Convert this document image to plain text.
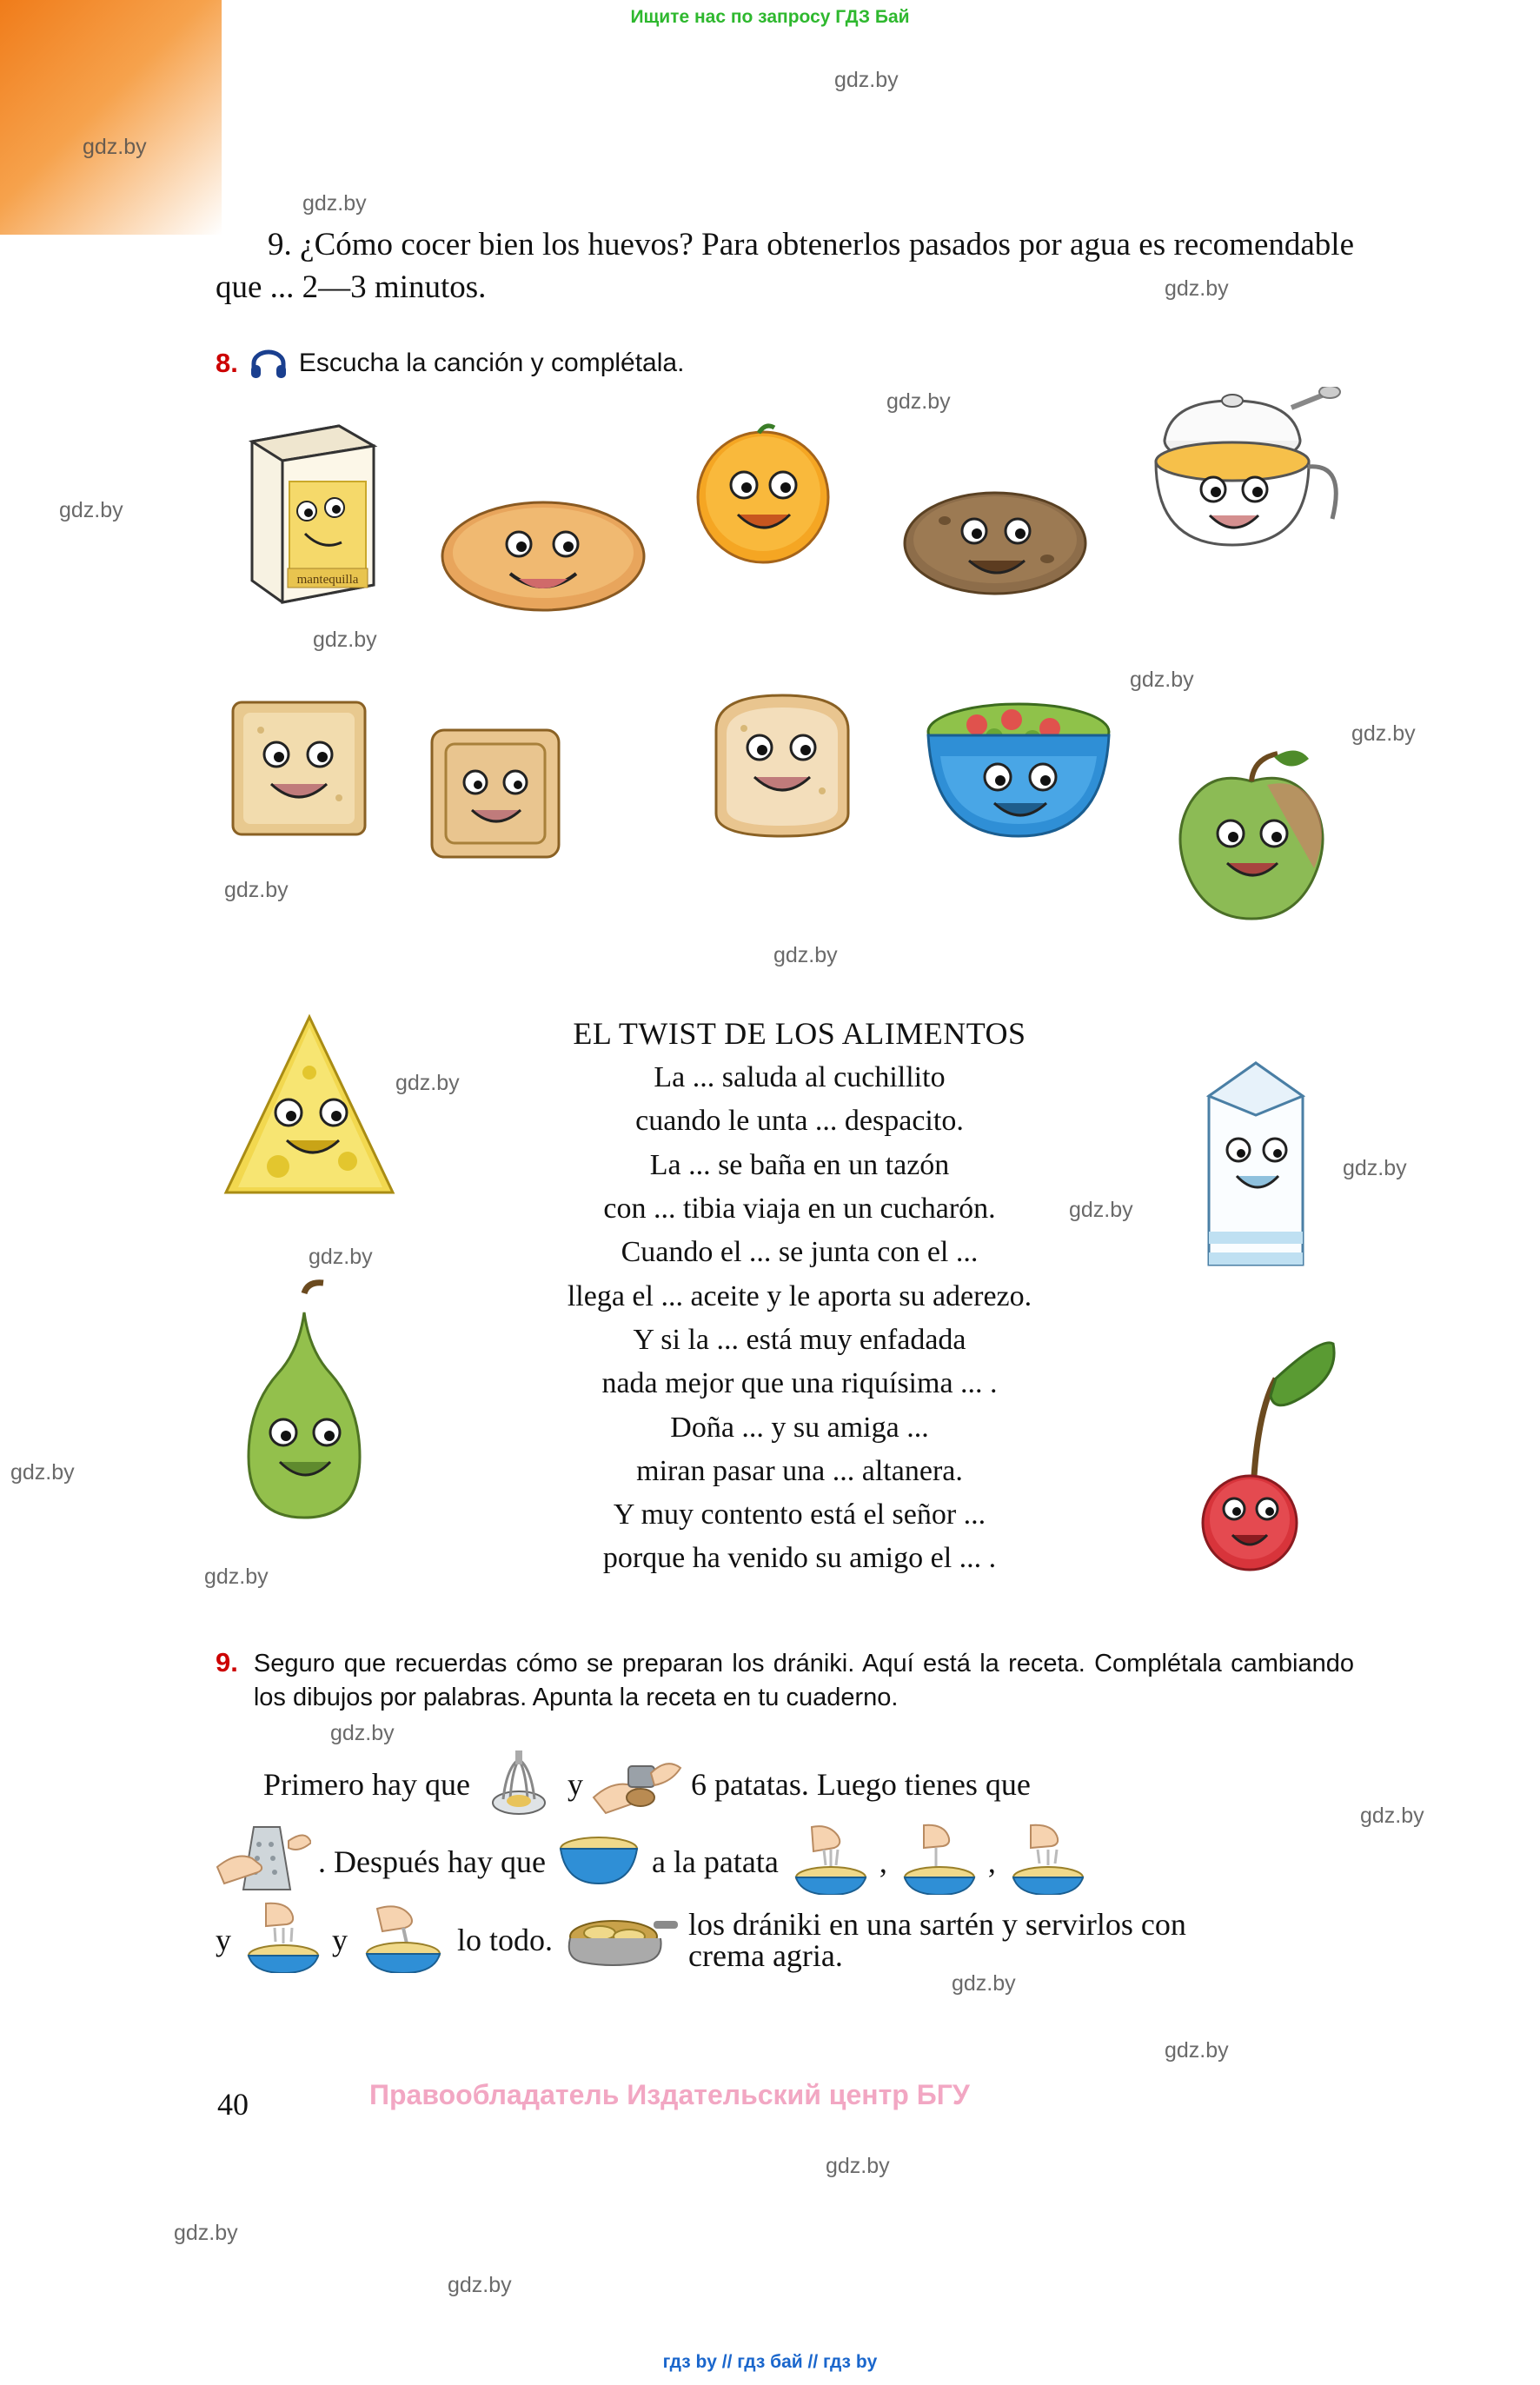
Ищите нас по запросу ГДЗ Бай
гдз by // гдз бай // гдз by
gdz.by
gdz.by
gdz.by
gdz.by
gdz.by
gdz.by
gdz.by
gdz.by
gdz.by
gdz.by
gdz.by
gdz.by
gdz.by
gdz.by
gdz.by
gdz.by
gdz.by
gdz.by
gdz.by
gdz.by
gdz.by
gdz.by
gdz.by
gdz.by
9. ¿Cómo cocer bien los huevos? Para obtenerlos pasados por agua es recomendable que ... 2—3 minutos.
8. Escucha la canción y complétala.
mantequilla
EL TWIST DE LOS ALIMENTOS
La ... saluda al cuchillito
cuando le unta ... despacito.
La ... se baña en un tazón
con ... tibia viaja en un cucharón.
Cuando el ... se junta con el ...
llega el ... aceite y le aporta su aderezo.
Y si la ... está muy enfadada
nada mejor que una riquísima ... .
Doña ... y su amiga ...
miran pasar una ... altanera.
Y muy contento está el señor ...
porque ha venido su amigo el ... .
9. Seguro que recuerdas cómo se preparan los drániki. Aquí está la receta. Complétala cambiando los dibujos por palabras. Apunta la receta en tu cuaderno.
Primero hay que	y	6 patatas. Luego tienes que
. Después hay que	a la patata	,	,
y	y	lo todo.	los drániki en una sartén y servirlos con crema agria.
40	Правообладатель Издательский центр БГУ
